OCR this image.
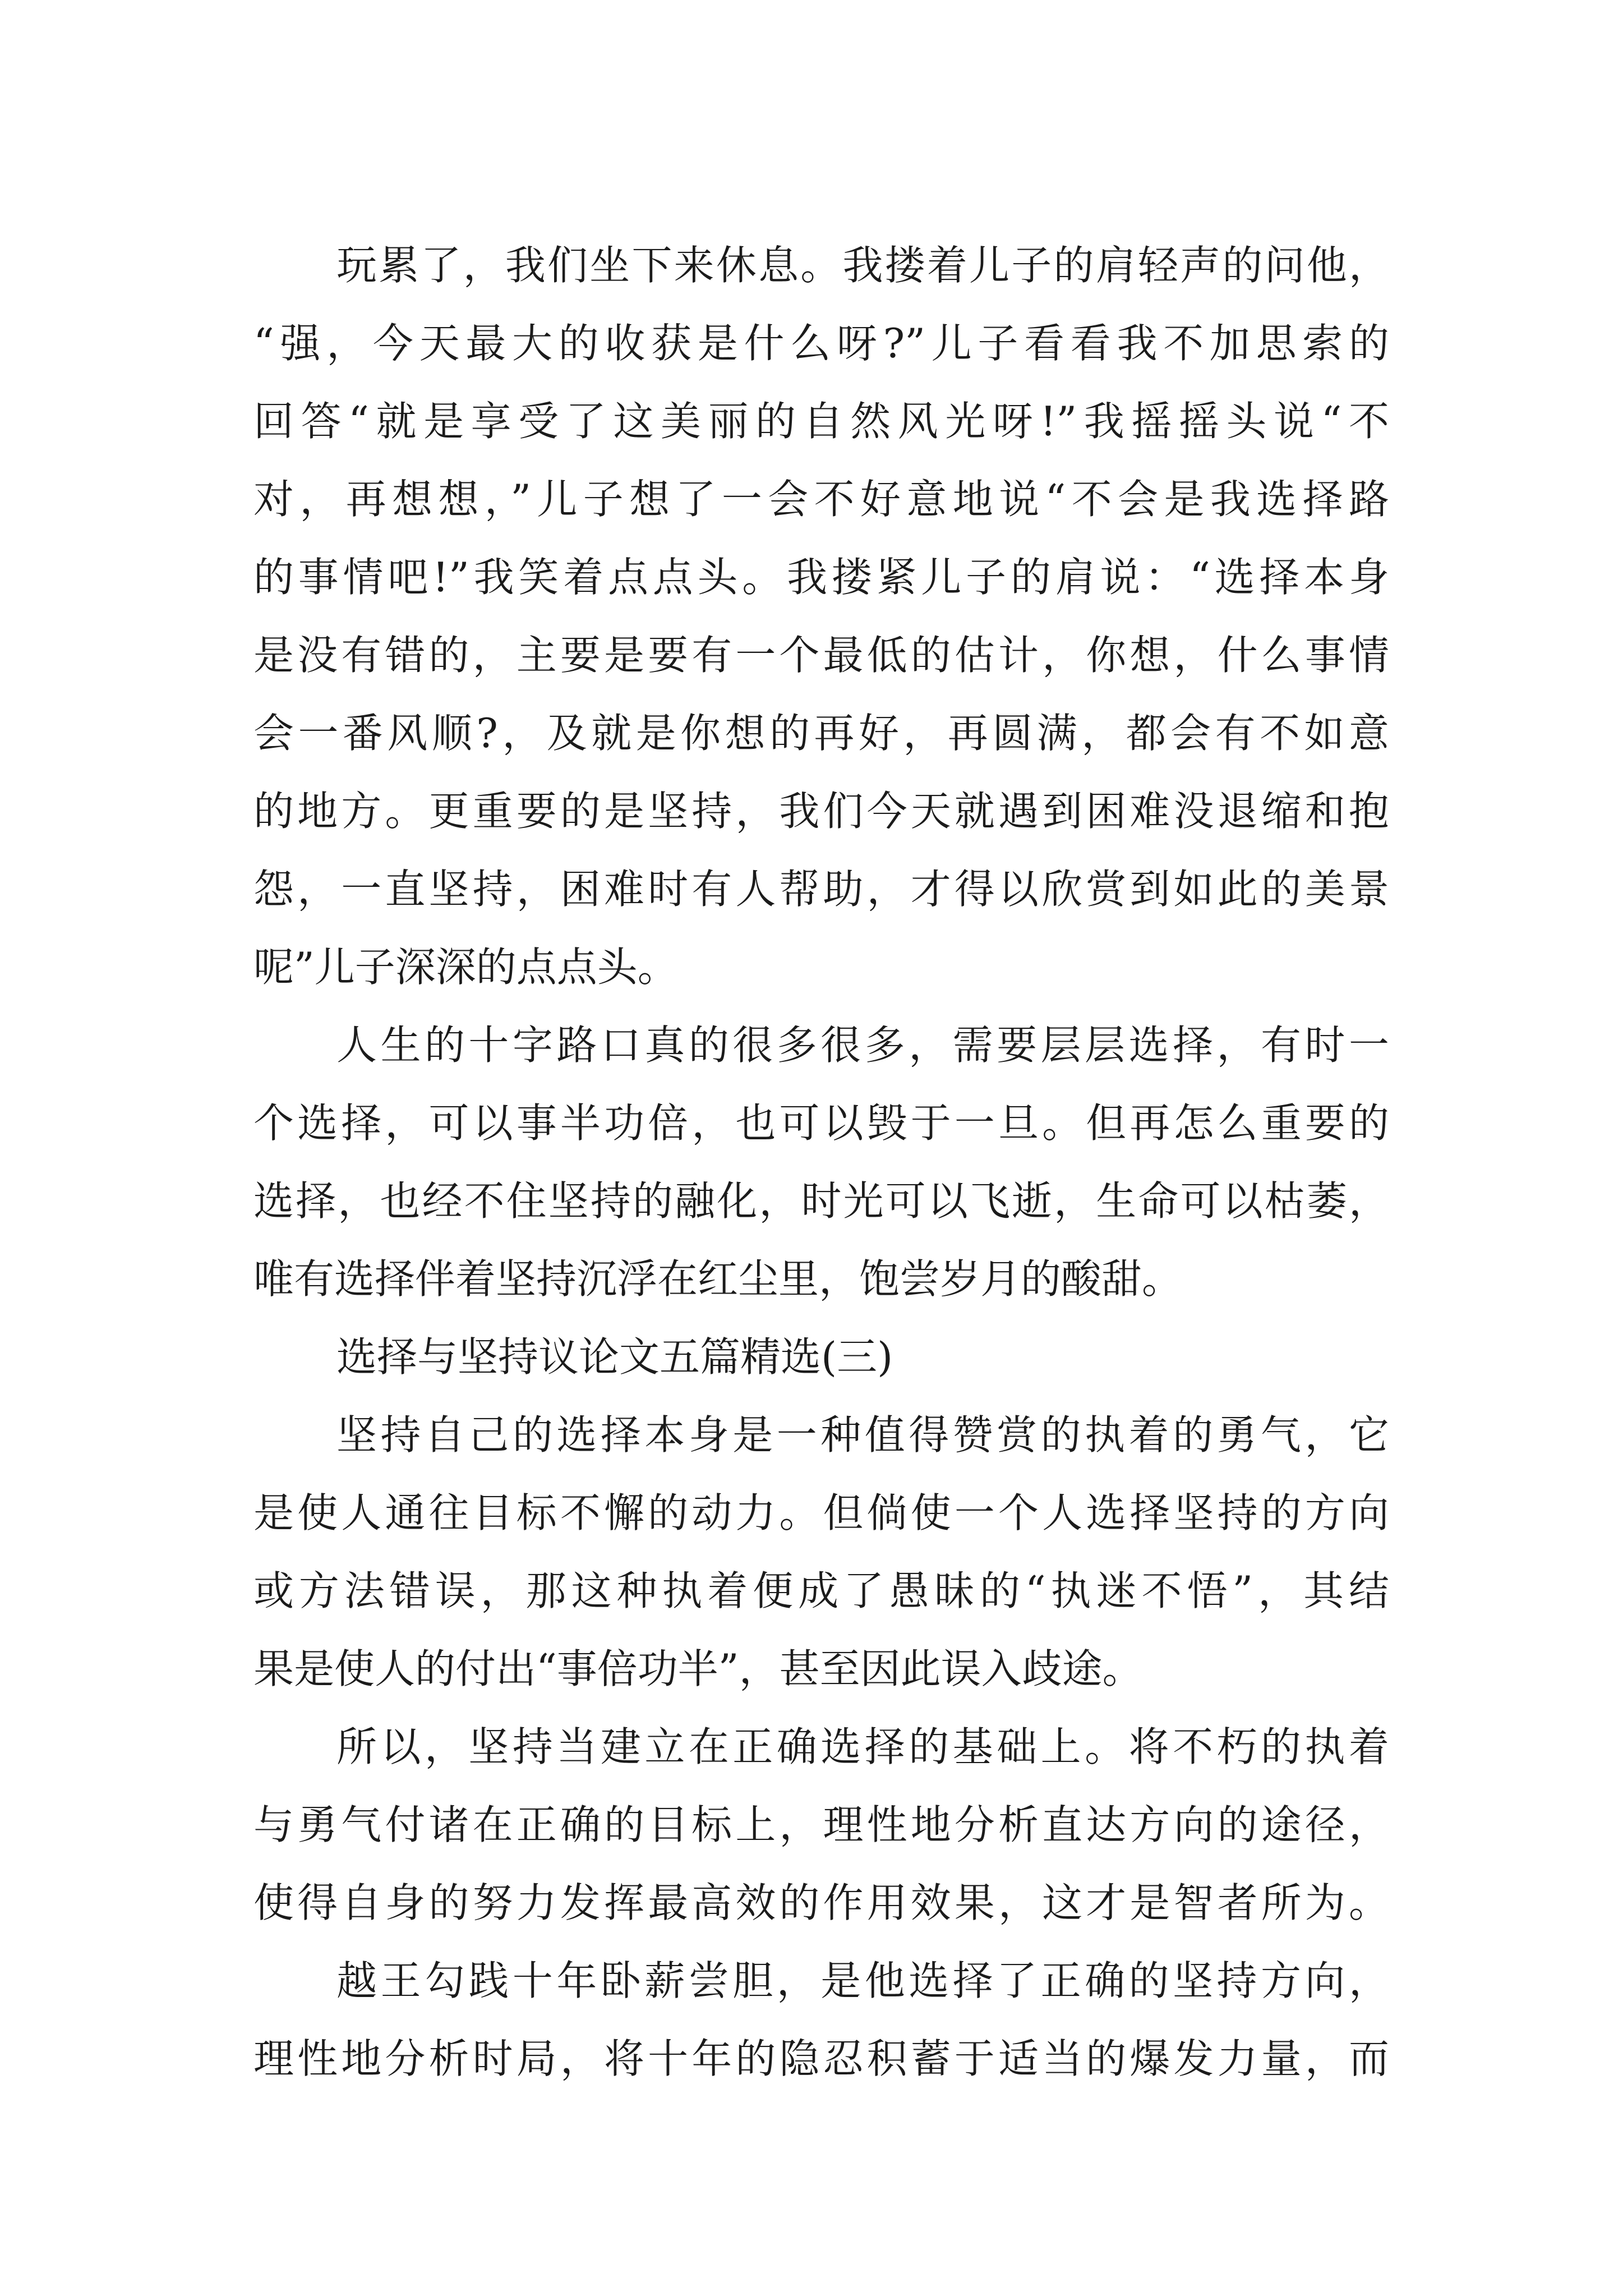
玩累了，我们坐下来休息。我搂着儿子的肩轻声的问他，
“强，今天最大的收获是什么呀?”儿子看看我不加思索的
回答“就是享受了这美丽的自然风光呀!”我摇摇头说“不
对，再想想，”儿子想了一会不好意地说“不会是我选择路
的事情吧!”我笑着点点头。我搂紧儿子的肩说：“选择本身
是没有错的，主要是要有一个最低的估计，你想，什么事情
会一番风顺?，及就是你想的再好，再圆满，都会有不如意
的地方。更重要的是坚持，我们今天就遇到困难没退缩和抱
怨，一直坚持，困难时有人帮助，才得以欣赏到如此的美景
呢”儿子深深的点点头。
人生的十字路口真的很多很多，需要层层选择，有时一
个选择，可以事半功倍，也可以毁于一旦。但再怎么重要的
选择，也经不住坚持的融化，时光可以飞逝，生命可以枯萎，
唯有选择伴着坚持沉浮在红尘里，饱尝岁月的酸甜。
选择与坚持议论文五篇精选(三)
坚持自己的选择本身是一种值得赞赏的执着的勇气，它
是使人通往目标不懈的动力。但倘使一个人选择坚持的方向
或方法错误，那这种执着便成了愚昧的“执迷不悟”，其结
果是使人的付出“事倍功半”，甚至因此误入歧途。
所以，坚持当建立在正确选择的基础上。将不朽的执着
与勇气付诸在正确的目标上，理性地分析直达方向的途径，
使得自身的努力发挥最高效的作用效果，这才是智者所为。
越王勾践十年卧薪尝胆，是他选择了正确的坚持方向，
理性地分析时局，将十年的隐忍积蓄于适当的爆发力量，而
